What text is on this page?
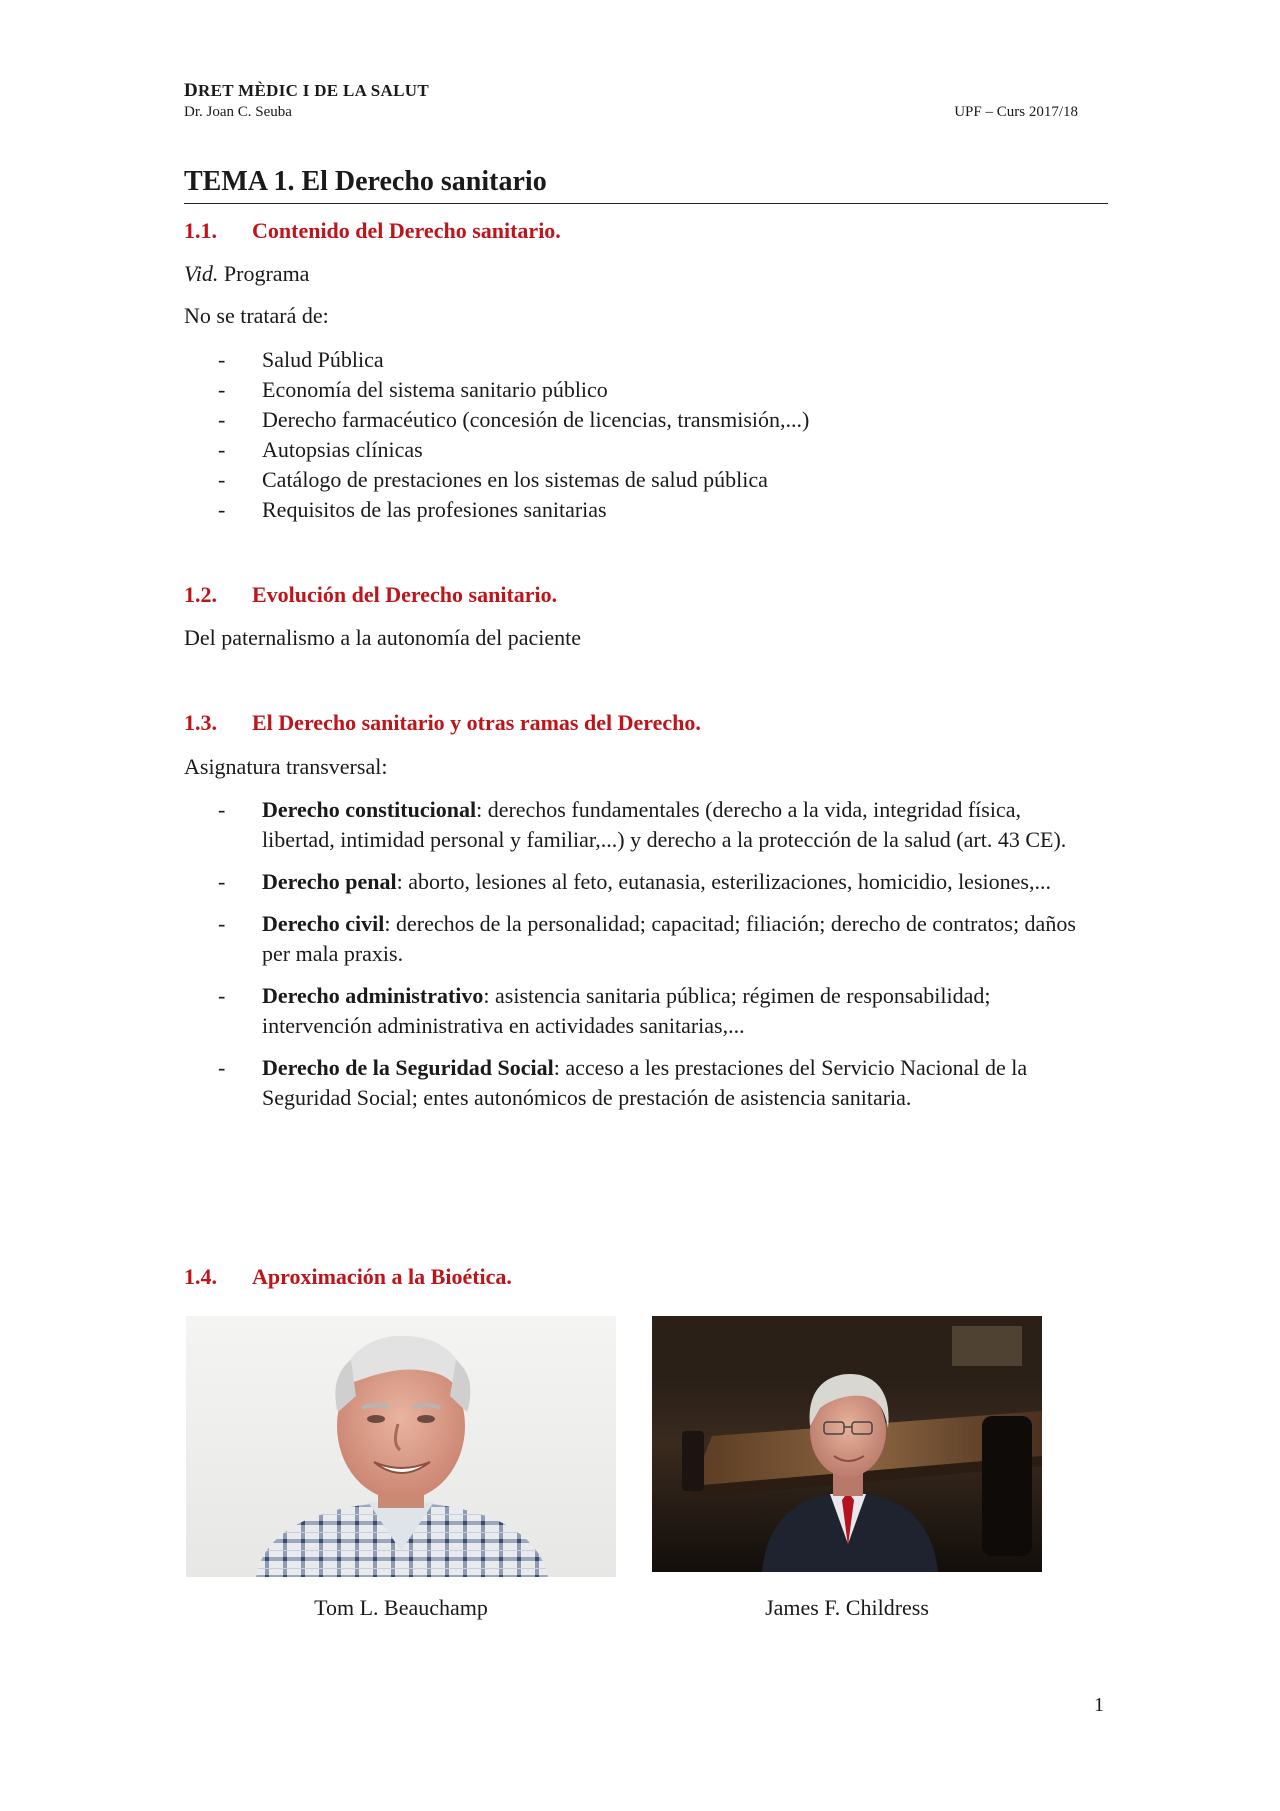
DRET MÈDIC I DE LA SALUT
Dr. Joan C. Seuba	UPF – Curs 2017/18
TEMA 1. El Derecho sanitario
1.1. Contenido del Derecho sanitario.
Vid. Programa
No se tratará de:
- Salud Pública
- Economía del sistema sanitario público
- Derecho farmacéutico (concesión de licencias, transmisión,...)
- Autopsias clínicas
- Catálogo de prestaciones en los sistemas de salud pública
- Requisitos de las profesiones sanitarias
1.2. Evolución del Derecho sanitario.
Del paternalismo a la autonomía del paciente
1.3. El Derecho sanitario y otras ramas del Derecho.
Asignatura transversal:
- Derecho constitucional: derechos fundamentales (derecho a la vida, integridad física, libertad, intimidad personal y familiar,...) y derecho a la protección de la salud (art. 43 CE).
- Derecho penal: aborto, lesiones al feto, eutanasia, esterilizaciones, homicidio, lesiones,...
- Derecho civil: derechos de la personalidad; capacitad; filiación; derecho de contratos; daños per mala praxis.
- Derecho administrativo: asistencia sanitaria pública; régimen de responsabilidad; intervención administrativa en actividades sanitarias,...
- Derecho de la Seguridad Social: acceso a les prestaciones del Servicio Nacional de la Seguridad Social; entes autonómicos de prestación de asistencia sanitaria.
1.4. Aproximación a la Bioética.
Tom L. Beauchamp	James F. Childress
1
